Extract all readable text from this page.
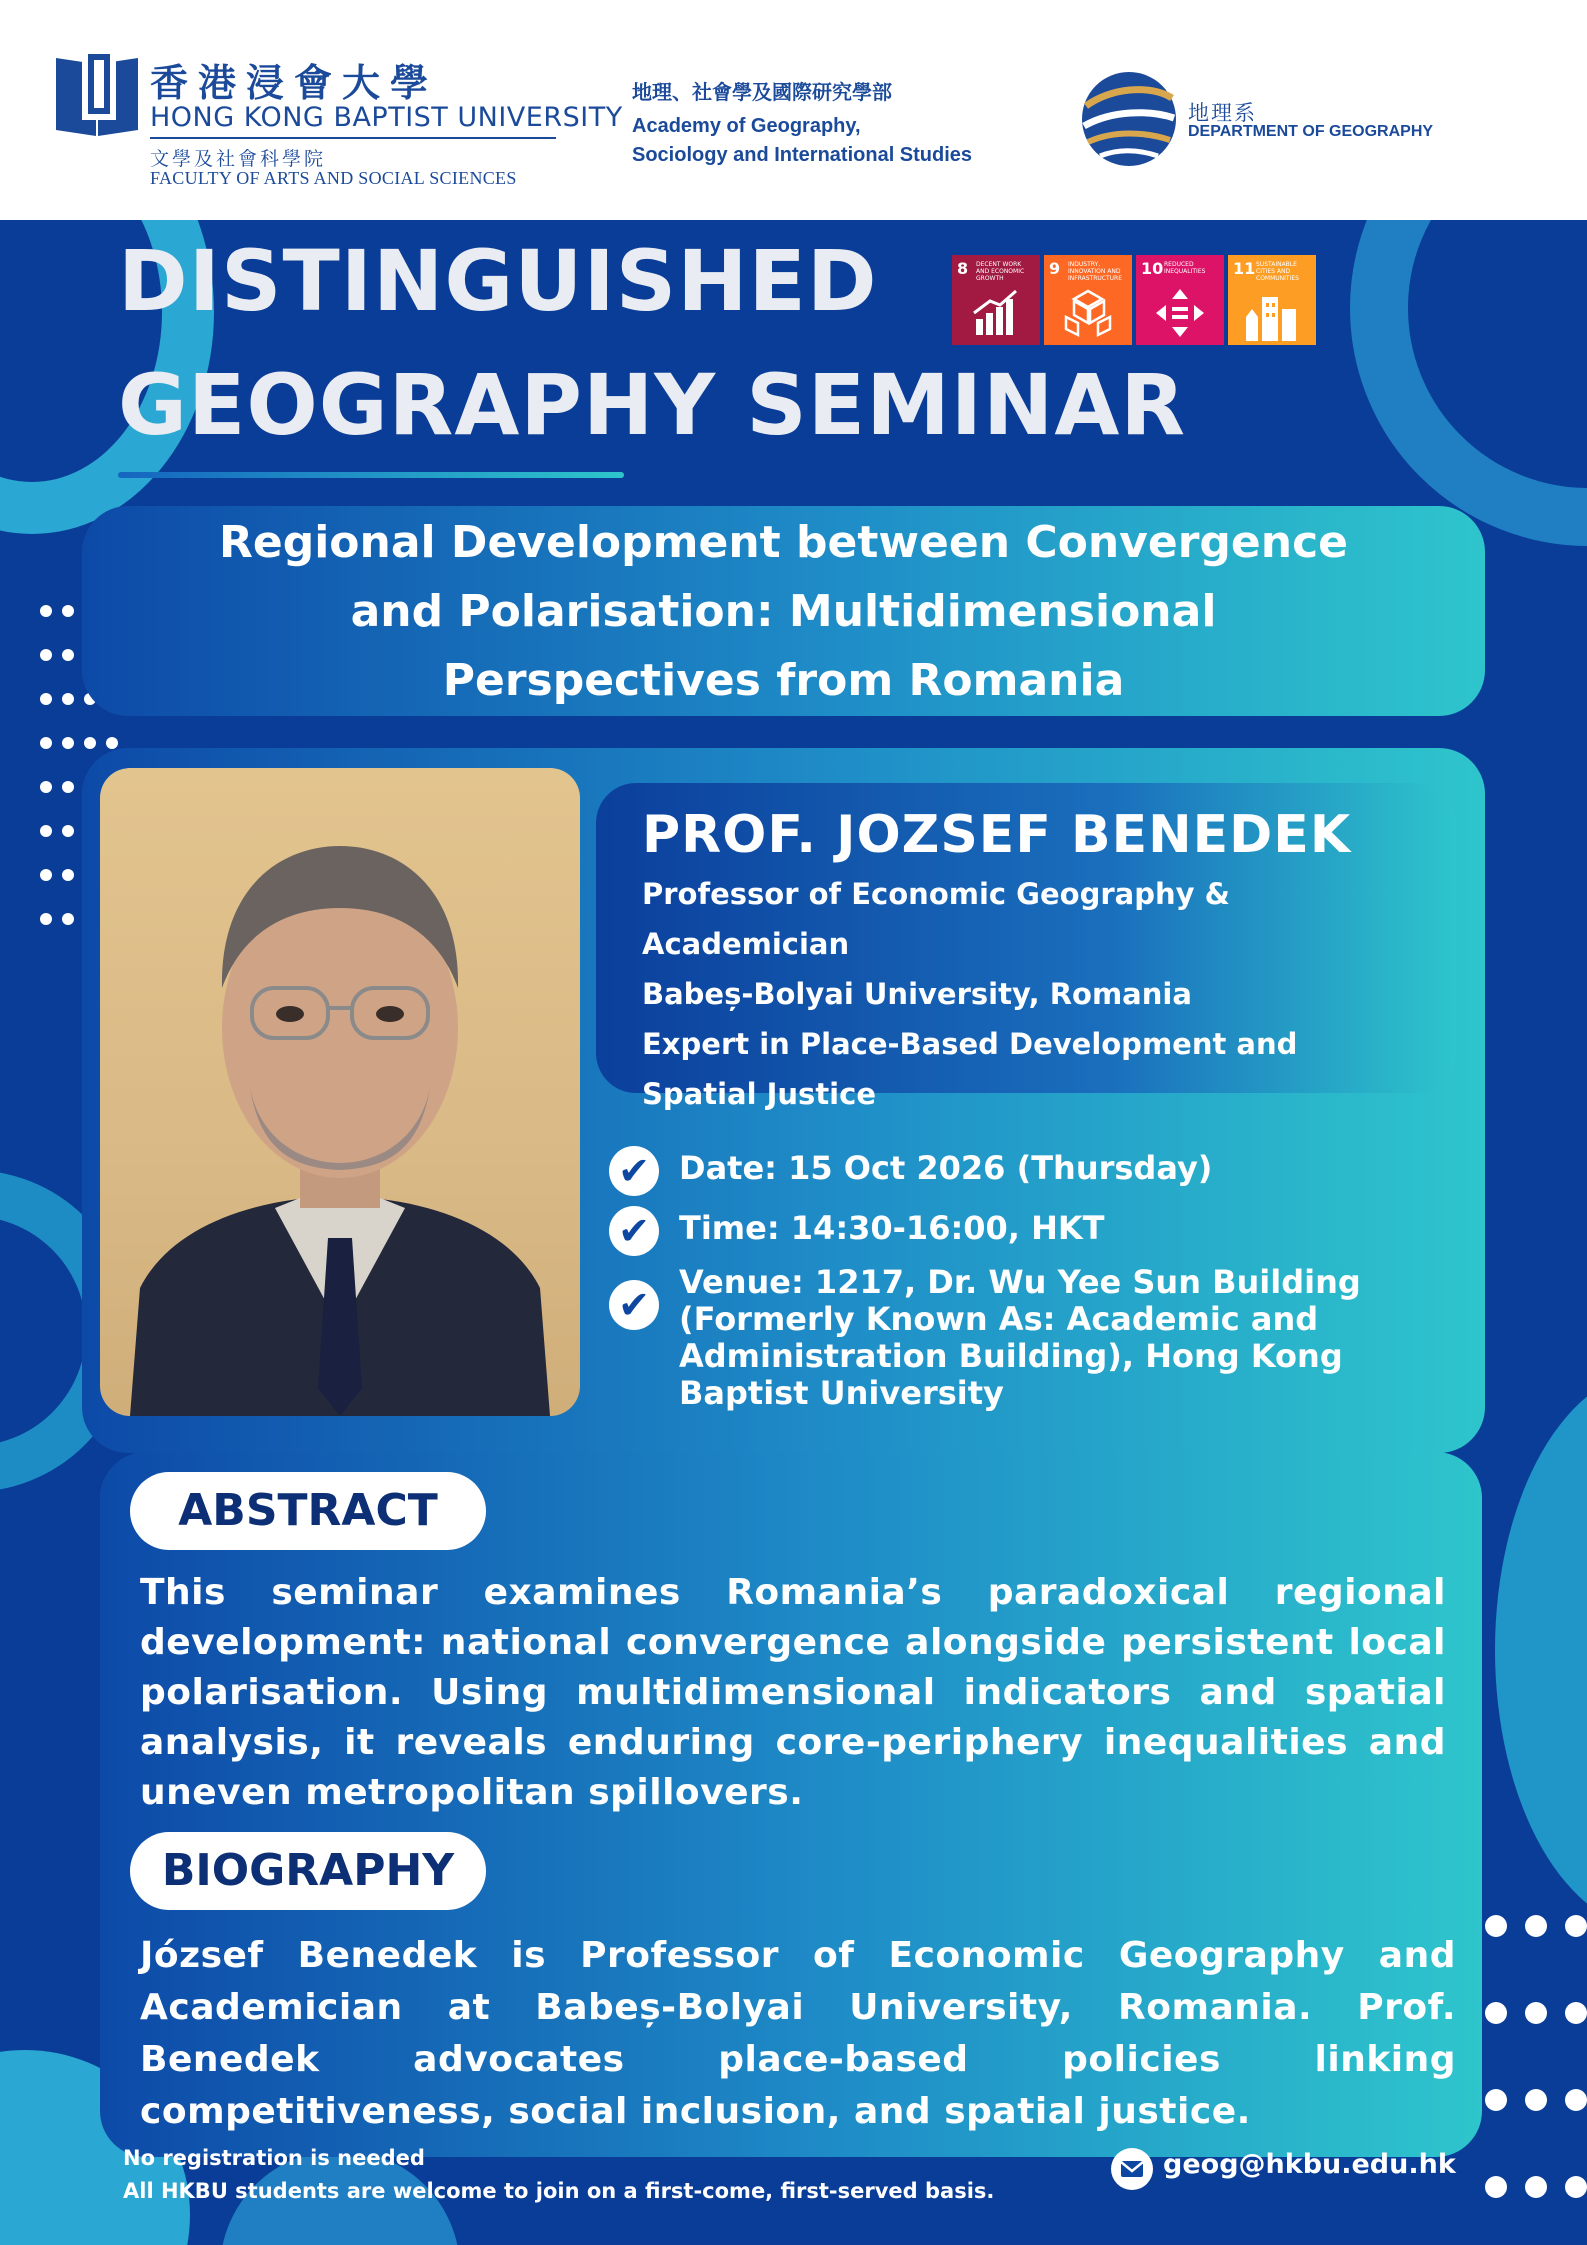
香港浸會大學
HONG KONG BAPTIST UNIVERSITY
文學及社會科學院
FACULTY OF ARTS AND SOCIAL SCIENCES
地理、社會學及國際研究學部
Academy of Geography,
Sociology and International Studies
地理系
DEPARTMENT OF GEOGRAPHY
DISTINGUISHED
GEOGRAPHY SEMINAR
8 DECENT WORK AND ECONOMIC GROWTH
9 INDUSTRY, INNOVATION AND INFRASTRUCTURE
10 REDUCED INEQUALITIES	11 SUSTAINABLE CITIES AND COMMUNITIES
Regional Development between Convergence
and Polarisation: Multidimensional
Perspectives from Romania
PROF. JOZSEF BENEDEK
Professor of Economic Geography &
Academician
Babeș-Bolyai University, Romania
Expert in Place-Based Development and
Spatial Justice
✔ Date: 15 Oct 2026 (Thursday)
✔ Time: 14:30-16:00, HKT
✔
Venue: 1217, Dr. Wu Yee Sun Building
(Formerly Known As: Academic and
Administration Building), Hong Kong
Baptist University
ABSTRACT
This seminar examines Romania’s paradoxical regional development: national convergence alongside persistent local polarisation. Using multidimensional indicators and spatial analysis, it reveals enduring core-periphery inequalities and uneven metropolitan spillovers.
BIOGRAPHY
József Benedek is Professor of Economic Geography and Academician at Babeș-Bolyai University, Romania. Prof. Benedek advocates place-based policies linking competitiveness, social inclusion, and spatial justice.
No registration is needed
All HKBU students are welcome to join on a first-come, first-served basis.
geog@hkbu.edu.hk
